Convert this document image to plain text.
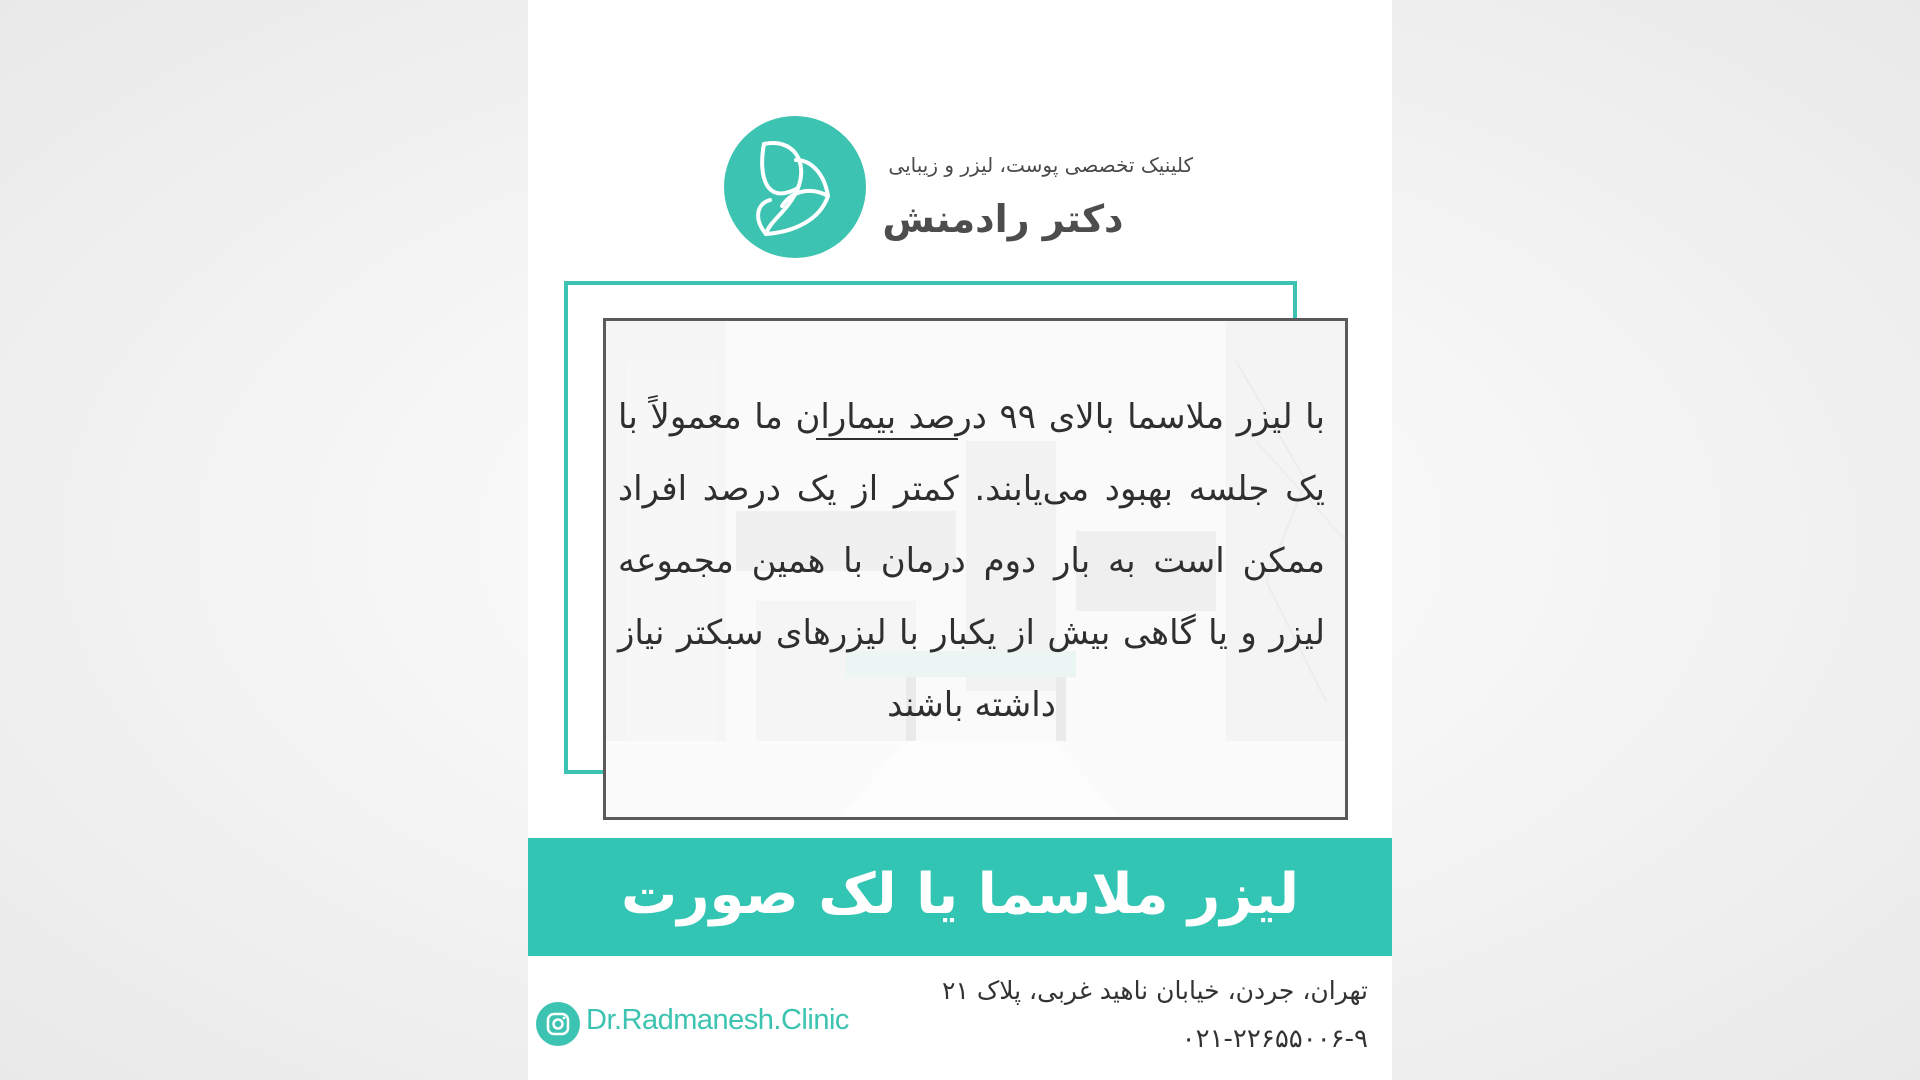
کلینیک تخصصی پوست، لیزر و زیبایی
دکتر رادمنش
با لیزر ملاسما بالای ۹۹ درصد بیماران ما معمولاً با یک جلسه بهبود می‌یابند. کمتر از یک درصد افراد ممکن است به بار دوم درمان با همین مجموعه لیزر و یا گاهی بیش از یکبار با لیزرهای سبکتر نیاز داشته باشند
لیزر ملاسما یا لک صورت
تهران، جردن، خیابان ناهید غربی، پلاک ۲۱
۰۲۱-۲۲۶۵۵۰۰۶-۹
Dr.Radmanesh.Clinic
